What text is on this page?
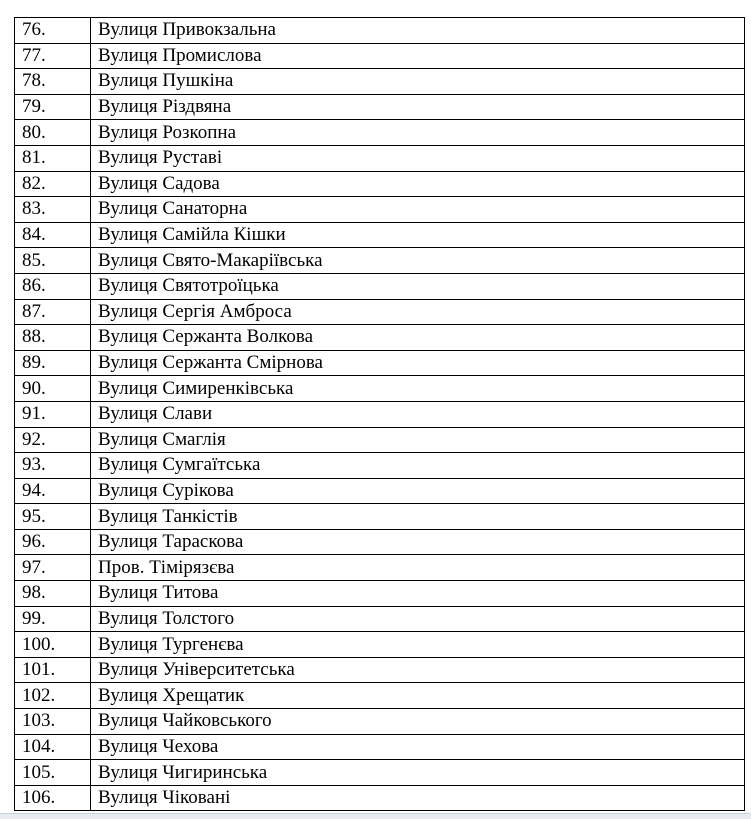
76.	Вулиця Привокзальна
77.	Вулиця Промислова
78.	Вулиця Пушкіна
79.	Вулиця Різдвяна
80.	Вулиця Розкопна
81.	Вулиця Руставі
82.	Вулиця Садова
83.	Вулиця Санаторна
84.	Вулиця Самійла Кішки
85.	Вулиця Свято-Макаріївська
86.	Вулиця Святотроїцька
87.	Вулиця Сергія Амброса
88.	Вулиця Сержанта Волкова
89.	Вулиця Сержанта Смірнова
90.	Вулиця Симиренківська
91.	Вулиця Слави
92.	Вулиця Смаглія
93.	Вулиця Сумгаїтська
94.	Вулиця Сурікова
95.	Вулиця Танкістів
96.	Вулиця Тараскова
97.	Пров. Тімірязєва
98.	Вулиця Титова
99.	Вулиця Толстого
100.	Вулиця Тургенєва
101.	Вулиця Університетська
102.	Вулиця Хрещатик
103.	Вулиця Чайковського
104.	Вулиця Чехова
105.	Вулиця Чигиринська
106.	Вулиця Чіковані
